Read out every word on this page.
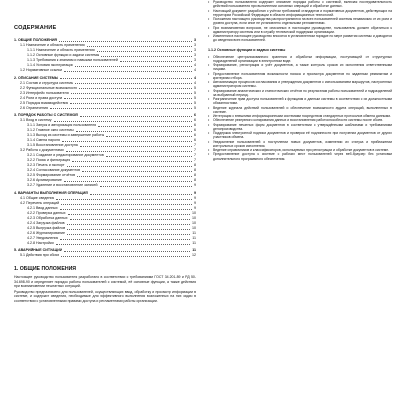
СОДЕРЖАНИЕ
1. ОБЩИЕ ПОЛОЖЕНИЯ	3
1.1 Назначение и область применения	3
1.1.1 Назначение и область применения	3
1.1.2 Основные функции и задачи системы	3
1.1.3 Требования к знаниям и навыкам пользователей	3
1.1.4 Условия эксплуатации	4
1.2 Нормативные ссылки	4
2. ОПИСАНИЕ СИСТЕМЫ	4
2.1 Состав и структура системы	4
2.2 Функциональные возможности	5
2.3 Интерфейс пользователя	5
2.4 Роли и права доступа	5
2.5 Порядок взаимодействия	5
2.6 Ограничения	5
3. ПОРЯДОК РАБОТЫ С СИСТЕМОЙ	6
3.1 Вход в систему	6
3.1.1 Запуск и авторизация пользователя	6
3.1.2 Главное окно системы	6
3.1.3 Выход из системы и завершение работы	6
3.1.4 Смена пароля	6
3.1.5 Восстановление доступа	7
3.2 Работа с документами	7
3.2.1 Создание и редактирование документов	7
3.2.2 Поиск и фильтрация	7
3.2.3 Печать и экспорт	8
3.2.4 Согласование документов	8
3.2.5 Формирование отчётов	8
3.2.6 Архивирование	8
3.2.7 Удаление и восстановление записей	9
4. ВАРИАНТЫ ВЫПОЛНЕНИЯ ОПЕРАЦИЙ	9
4.1 Общие сведения	9
4.2 Перечень операций	9
4.2.1 Ввод данных	9
4.2.2 Проверка данных	10
4.2.3 Обработка данных	10
4.2.4 Загрузка файлов	10
4.2.5 Выгрузка файлов	10
4.2.6 Журналирование	11
4.2.7 Уведомления	11
4.2.8 Настройки	11
5. АВАРИЙНЫЕ СИТУАЦИИ	11
5.1 Действия при сбоях	12
1. ОБЩИЕ ПОЛОЖЕНИЯ

Настоящее руководство пользователя разработано в соответствии с требованиями ГОСТ 34.201-89 и РД 50-34.698-90 и определяет порядок работы пользователей с системой, её основные функции, а также действия при возникновении нештатных ситуаций.

Руководство предназначено для пользователей, осуществляющих ввод, обработку и просмотр информации в системе, и содержит сведения, необходимые для эффективного выполнения возложенных на них задач в соответствии с установленными правами доступа и регламентами работы организации.

• Руководство пользователя содержит описание порядка работы с системой, включая последовательность действий пользователя при выполнении основных операций и обработке данных.

• Настоящий документ разработан с учётом требований стандартов и нормативных документов, действующих на территории Российской Федерации в области информационных технологий.

• Положения настоящего руководства распространяются на всех пользователей системы независимо от их роли и уровня доступа, если иное не установлено отдельными регламентами.

• При возникновении вопросов, не описанных в настоящем руководстве, пользователь должен обратиться к администратору системы или в службу технической поддержки организации.

• Изменения в настоящее руководство вносятся в установленном порядке по мере развития системы и доводятся до сведения всех пользователей.

1.1.2 Основные функции и задачи системы

• Обеспечение централизованного хранения и обработки информации, поступающей от структурных подразделений организации в электронном виде.

• Формирование, регистрация и учёт документов, а также контроль сроков их исполнения ответственными лицами.

• Предоставление пользователям возможности поиска и просмотра документов по заданным реквизитам и критериям отбора.

• Автоматизация процессов согласования и утверждения документов с использованием маршрутов, настроенных администратором системы.

• Формирование аналитических и статистических отчётов по результатам работы пользователей и подразделений за выбранный период.

• Разграничение прав доступа пользователей к функциям и данным системы в соответствии с их должностными обязанностями.

• Ведение журнала действий пользователей и обеспечение возможности аудита операций, выполненных в системе.

• Интеграция с внешними информационными системами посредством стандартных протоколов обмена данными.

• Обеспечение резервного копирования данных и восстановления работоспособности системы после сбоев.

• Формирование печатных форм документов в соответствии с утверждёнными шаблонами и требованиями делопроизводства.

• Поддержка электронной подписи документов и проверки её подлинности при получении документов от других участников обмена.

• Уведомление пользователей о поступлении новых документов, изменении их статуса и приближении контрольных сроков исполнения.

• Ведение справочников и классификаторов, используемых при регистрации и обработке документов в системе.

• Предоставление доступа к системе с рабочих мест пользователей через веб-браузер без установки дополнительного программного обеспечения.
